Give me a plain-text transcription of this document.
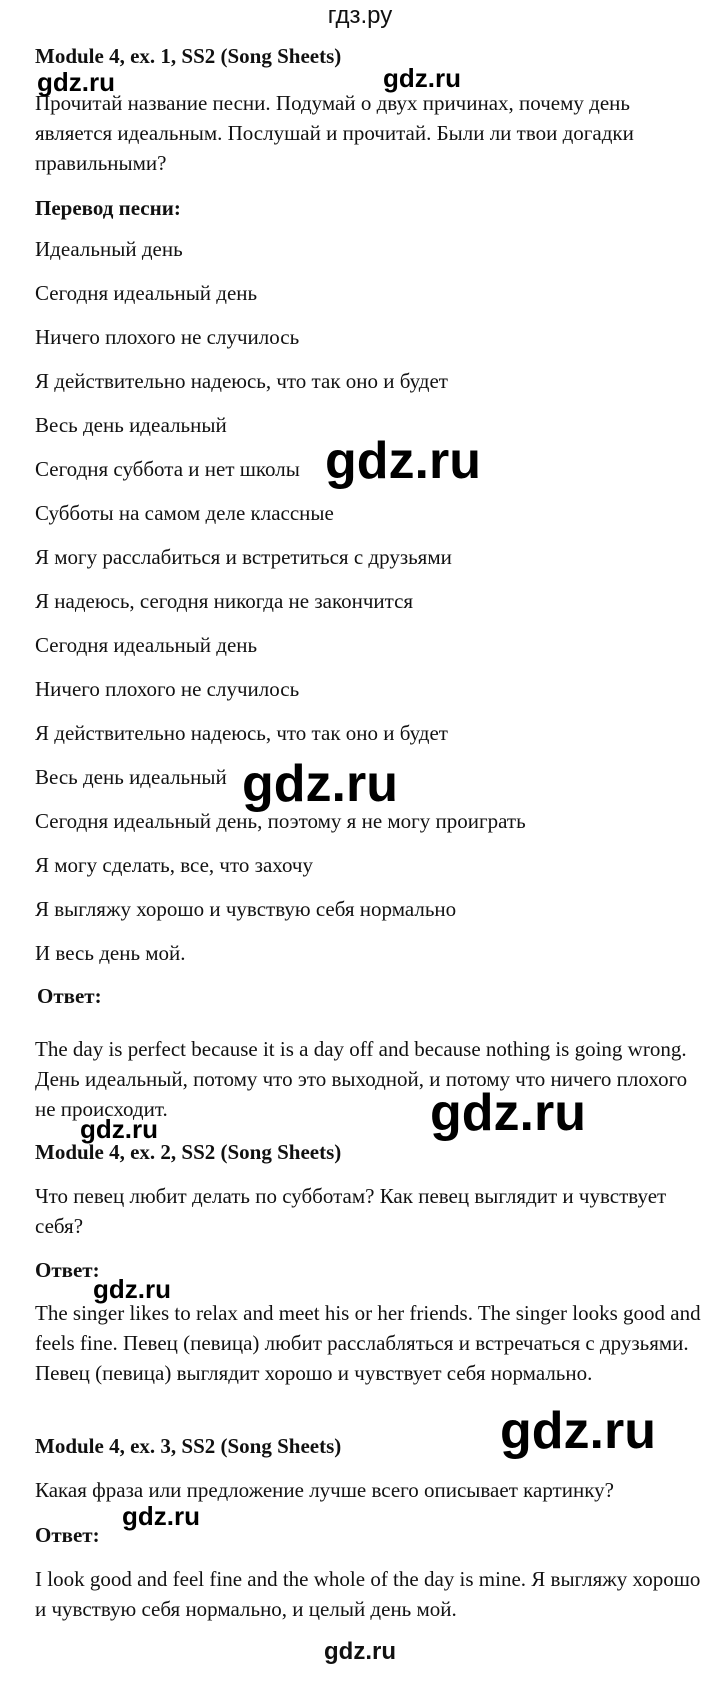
гдз.ру
Module 4, ex. 1, SS2 (Song Sheets)
Прочитай название песни. Подумай о двух причинах, почему день является идеальным. Послушай и прочитай. Были ли твои догадки правильными?
Перевод песни:
Идеальный день
Сегодня идеальный день
Ничего плохого не случилось
Я действительно надеюсь, что так оно и будет
Весь день идеальный
Сегодня суббота и нет школы
Субботы на самом деле классные
Я могу расслабиться и встретиться с друзьями
Я надеюсь, сегодня никогда не закончится
Сегодня идеальный день
Ничего плохого не случилось
Я действительно надеюсь, что так оно и будет
Весь день идеальный
Сегодня идеальный день, поэтому я не могу проиграть
Я могу сделать, все, что захочу
Я выгляжу хорошо и чувствую себя нормально
И весь день мой.
Ответ:
The day is perfect because it is a day off and because nothing is going wrong. День идеальный, потому что это выходной, и потому что ничего плохого не происходит.
Module 4, ex. 2, SS2 (Song Sheets)
Что певец любит делать по субботам? Как певец выглядит и чувствует себя?
Ответ:
The singer likes to relax and meet his or her friends. The singer looks good and feels fine. Певец (певица) любит расслабляться и встречаться с друзьями. Певец (певица) выглядит хорошо и чувствует себя нормально.
Module 4, ex. 3, SS2 (Song Sheets)
Какая фраза или предложение лучше всего описывает картинку?
Ответ:
I look good and feel fine and the whole of the day is mine. Я выгляжу хорошо и чувствую себя нормально, и целый день мой.
gdz.ru	gdz.ru
gdz.ru
gdz.ru
gdz.ru
gdz.ru
gdz.ru
gdz.ru
gdz.ru
gdz.ru
